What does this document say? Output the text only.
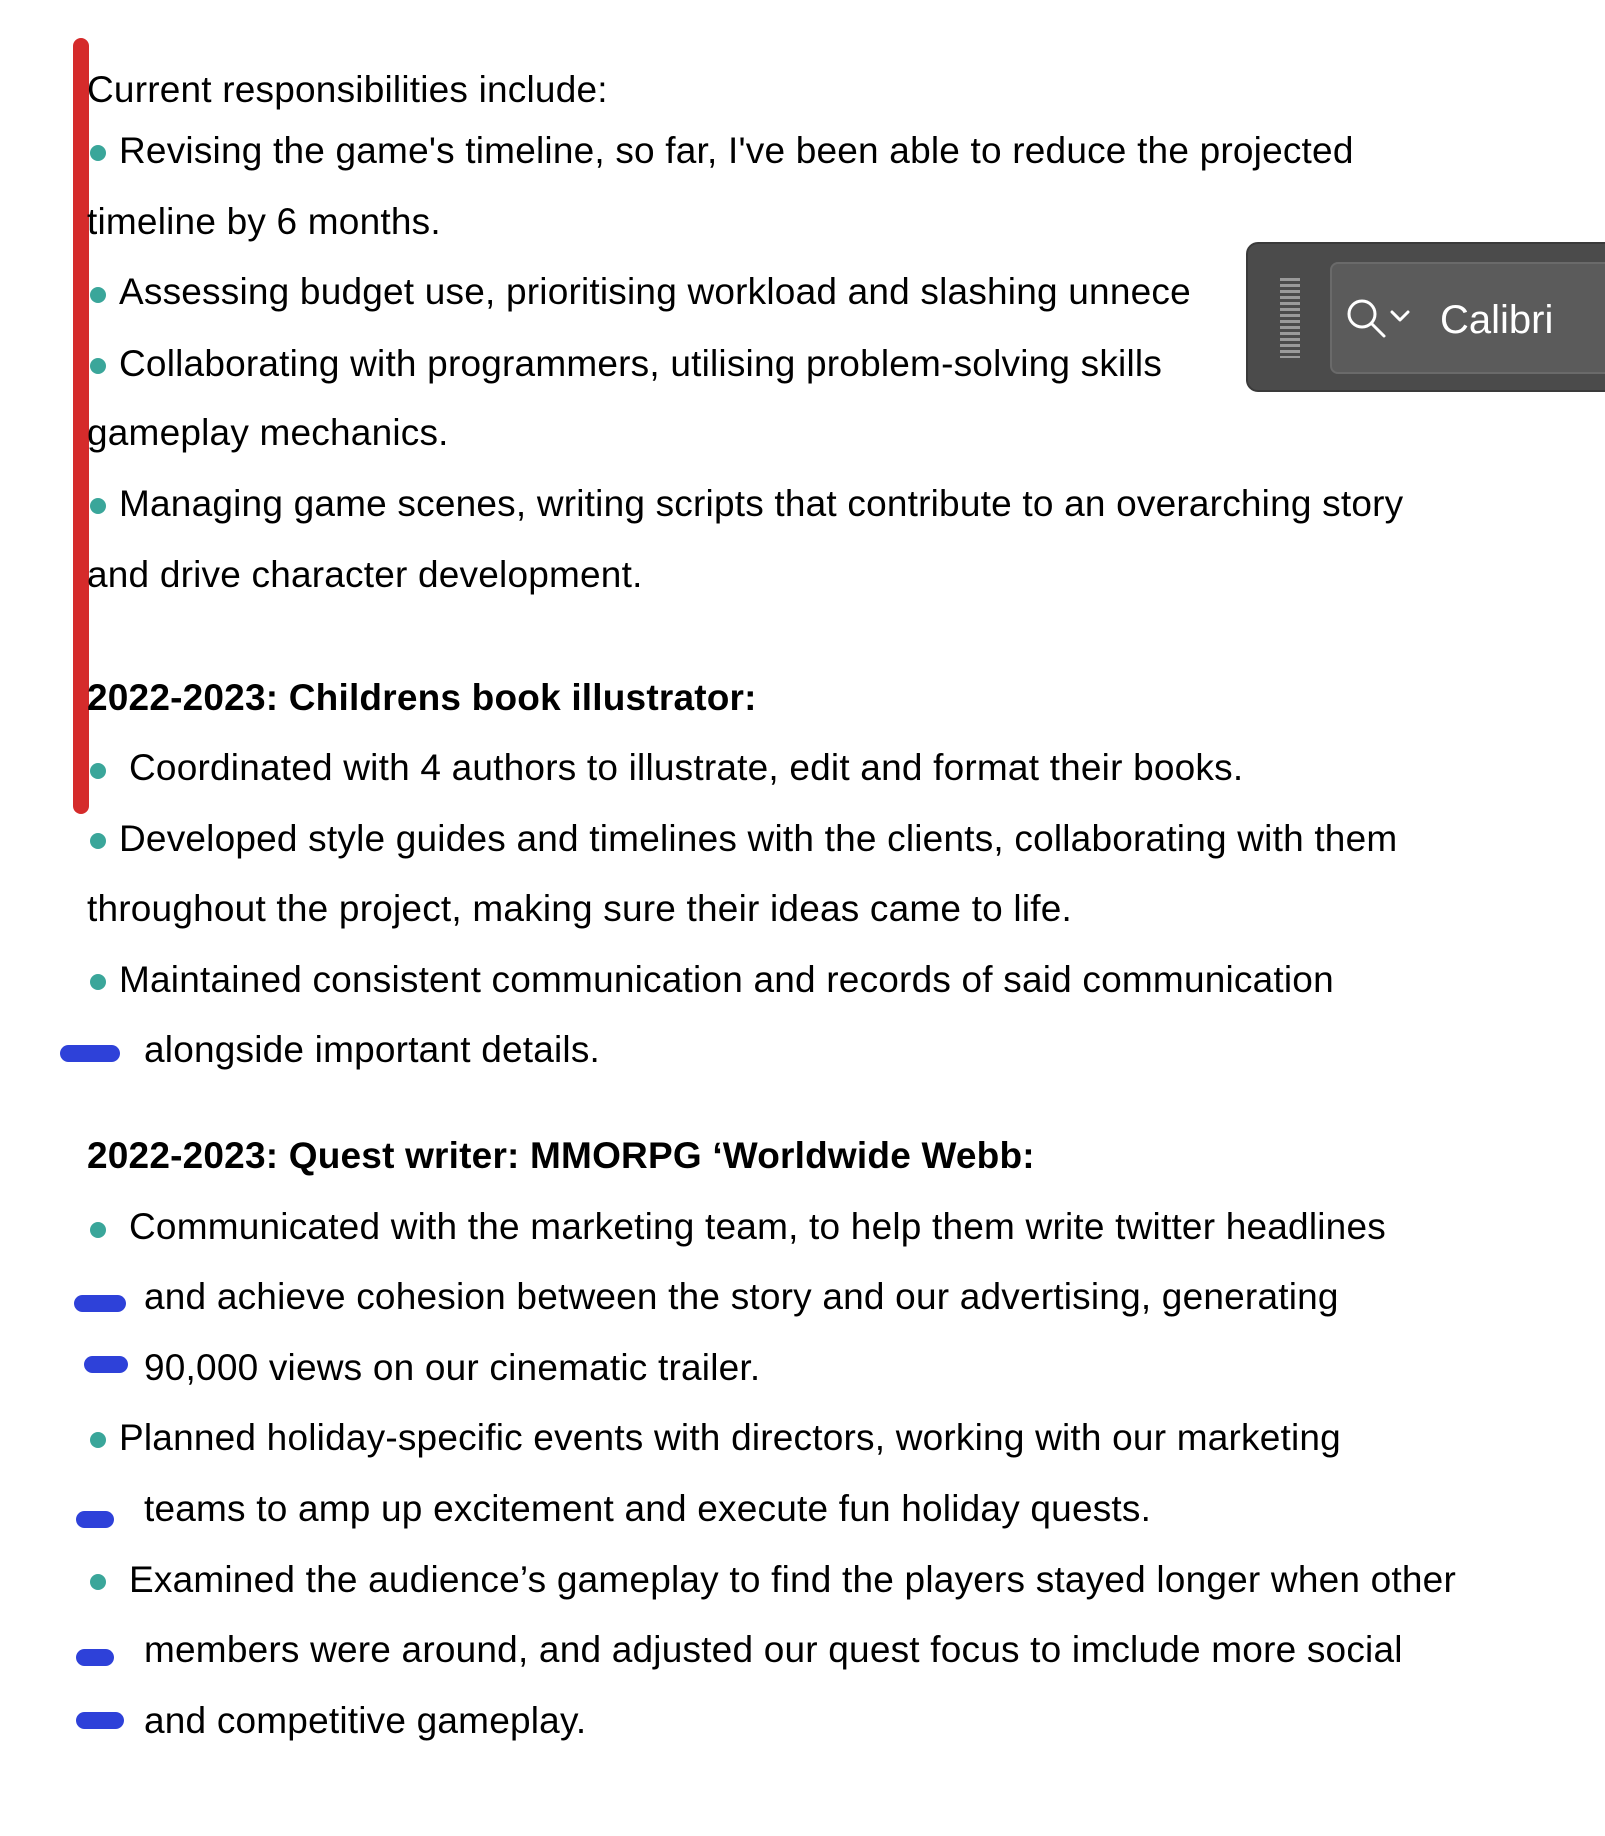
Current responsibilities include:
Revising the game's timeline, so far, I've been able to reduce the projected
timeline by 6 months.
Assessing budget use, prioritising workload and slashing unnece
Collaborating with programmers, utilising problem-solving skills
gameplay mechanics.
Managing game scenes, writing scripts that contribute to an overarching story
and drive character development.
2022-2023: Childrens book illustrator:
Coordinated with 4 authors to illustrate, edit and format their books.
Developed style guides and timelines with the clients, collaborating with them
throughout the project, making sure their ideas came to life.
Maintained consistent communication and records of said communication
alongside important details.
2022-2023: Quest writer: MMORPG ‘Worldwide Webb:
Communicated with the marketing team, to help them write twitter headlines
and achieve cohesion between the story and our advertising, generating
90,000 views on our cinematic trailer.
Planned holiday-specific events with directors, working with our marketing
teams to amp up excitement and execute fun holiday quests.
Examined the audience’s gameplay to find the players stayed longer when other
members were around, and adjusted our quest focus to imclude more social
and competitive gameplay.
Calibri
